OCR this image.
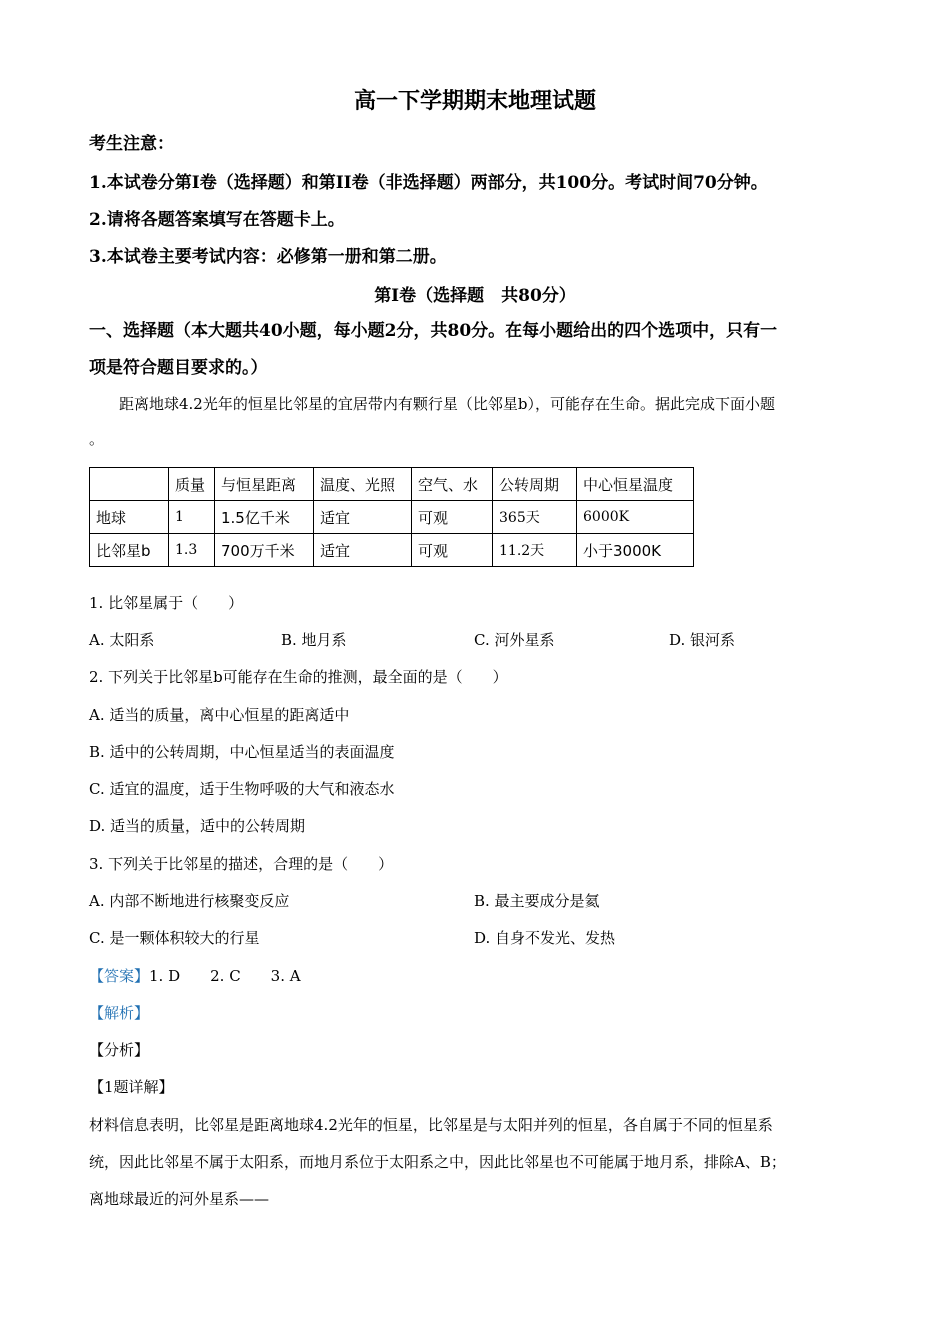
高一下学期期末地理试题
考生注意：
1.本试卷分第I卷（选择题）和第II卷（非选择题）两部分，共100分。考试时间70分钟。
2.请将各题答案填写在答题卡上。
3.本试卷主要考试内容：必修第一册和第二册。
第I卷（选择题　共80分）
一、选择题（本大题共40小题，每小题2分，共80分。在每小题给出的四个选项中，只有一
项是符合题目要求的。）
距离地球4.2光年的恒星比邻星的宜居带内有颗行星（比邻星b），可能存在生命。据此完成下面小题
。
	质量	与恒星距离	温度、光照	空气、水	公转周期	中心恒星温度
地球	1	1.5亿千米	适宜	可观	365天	6000K
比邻星b	1.3	700万千米	适宜	可观	11.2天	小于3000K
1. 比邻星属于（　　）
A. 太阳系	B. 地月系	C. 河外星系	D. 银河系
2. 下列关于比邻星b可能存在生命的推测，最全面的是（　　）
A. 适当的质量，离中心恒星的距离适中
B. 适中的公转周期，中心恒星适当的表面温度
C. 适宜的温度，适于生物呼吸的大气和液态水
D. 适当的质量，适中的公转周期
3. 下列关于比邻星的描述，合理的是（　　）
A. 内部不断地进行核聚变反应	B. 最主要成分是氦
C. 是一颗体积较大的行星	D. 自身不发光、发热
【答案】1. D　　2. C　　3. A
【解析】
【分析】
【1题详解】
材料信息表明，比邻星是距离地球4.2光年的恒星，比邻星是与太阳并列的恒星，各自属于不同的恒星系
统，因此比邻星不属于太阳系，而地月系位于太阳系之中，因此比邻星也不可能属于地月系，排除A、B；
离地球最近的河外星系——
